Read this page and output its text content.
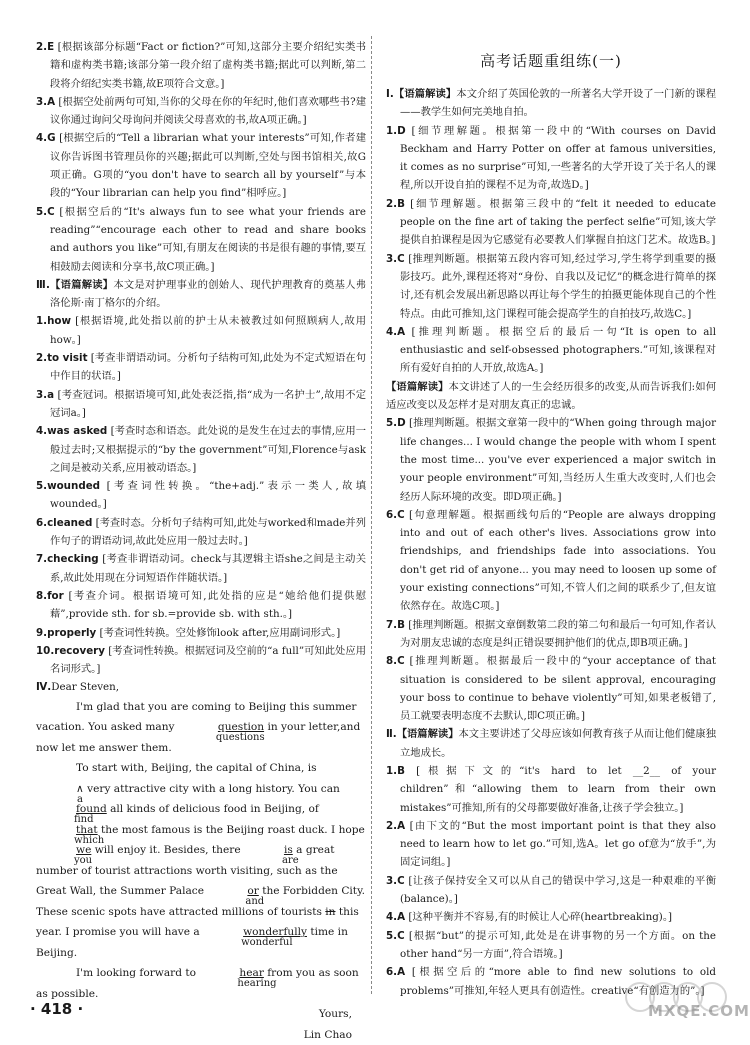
2.E [根据该部分标题“Fact or fiction?”可知,这部分主要介绍纪实类书籍和虚构类书籍;该部分第一段介绍了虚构类书籍;据此可以判断,第二段将介绍纪实类书籍,故E项符合文意。]

3.A [根据空处前两句可知,当你的父母在你的年纪时,他们喜欢哪些书?建议你通过询问父母询问并阅读父母喜欢的书,故A项正确。]

4.G [根据空后的“Tell a librarian what your interests”可知,作者建议你告诉图书管理员你的兴趣;据此可以判断,空处与图书馆相关,故G项正确。G项的“you don't have to search all by yourself”与本段的“Your librarian can help you find”相呼应。]

5.C [根据空后的“It's always fun to see what your friends are reading”“encourage each other to read and share books and authors you like”可知,有朋友在阅读的书是很有趣的事情,要互相鼓励去阅读和分享书,故C项正确。]

Ⅲ.【语篇解读】本文是对护理事业的创始人、现代护理教育的奠基人弗洛伦斯·南丁格尔的介绍。

1.how [根据语境,此处指以前的护士从未被教过如何照顾病人,故用how。]

2.to visit [考查非谓语动词。分析句子结构可知,此处为不定式短语在句中作目的状语。]

3.a [考查冠词。根据语境可知,此处表泛指,指“成为一名护士”,故用不定冠词a。]

4.was asked [考查时态和语态。此处说的是发生在过去的事情,应用一般过去时;又根据提示的“by the government”可知,Florence与ask之间是被动关系,应用被动语态。]

5.wounded [考查词性转换。“the+adj.”表示一类人,故填wounded。]

6.cleaned [考查时态。分析句子结构可知,此处与worked和made并列作句子的谓语动词,故此处应用一般过去时。]

7.checking [考查非谓语动词。check与其逻辑主语she之间是主动关系,故此处用现在分词短语作伴随状语。]

8.for [考查介词。根据语境可知,此处指的应是“她给他们提供慰藉”,provide sth. for sb.=provide sb. with sth.。]

9.properly [考查词性转换。空处修饰look after,应用副词形式。]

10.recovery [考查词性转换。根据冠词及空前的“a full”可知此处应用名词形式。]

Ⅳ.Dear Steven,

I'm glad that you are coming to Beijing this summer vacation. You asked many	question
questions
in your letter,and now let me answer them.

To start with, Beijing, the capital of China, is ∧
a
very attractive city with a long history. You can found
find
all kinds of delicious food in Beijing, of that
which
the most famous is the Beijing roast duck. I hope we
you
will enjoy it. Besides, there	is
are
a great number of tourist attractions worth visiting, such as the Great Wall, the Summer Palace	or
and
the Forbidden City. These scenic spots have attracted millions of tourists in this year. I promise you will have a	wonderfully
wonderful
time in Beijing.

I'm looking forward to	hear
hearing
from you as soon as possible.

Yours,

Lin Chao

高考话题重组练(一)

Ⅰ.【语篇解读】本文介绍了英国伦敦的一所著名大学开设了一门新的课程——教学生如何完美地自拍。

1.D [细节理解题。根据第一段中的“With courses on David Beckham and Harry Potter on offer at famous universities, it comes as no surprise”可知,一些著名的大学开设了关于名人的课程,所以开设自拍的课程不足为奇,故选D。]

2.B [细节理解题。根据第三段中的“felt it needed to educate people on the fine art of taking the perfect selfie”可知,该大学提供自拍课程是因为它感觉有必要教人们掌握自拍这门艺术。故选B。]

3.C [推理判断题。根据第五段内容可知,经过学习,学生将学到重要的摄影技巧。此外,课程还将对“身份、自我以及记忆”的概念进行简单的探讨,还有机会发展出新思路以再让每个学生的拍摄更能体现自己的个性特点。由此可推知,这门课程可能会提高学生的自拍技巧,故选C。]

4.A [推理判断题。根据空后的最后一句“It is open to all enthusiastic and self-obsessed photographers.”可知,该课程对所有爱好自拍的人开放,故选A。]

【语篇解读】本文讲述了人的一生会经历很多的改变,从而告诉我们:如何适应改变以及怎样才是对朋友真正的忠诚。

5.D [推理判断题。根据文章第一段中的“When going through major life changes... I would change the people with whom I spent the most time... you've ever experienced a major switch in your people environment”可知,当经历人生重大改变时,人们也会经历人际环境的改变。即D项正确。]

6.C [句意理解题。根据画线句后的“People are always dropping into and out of each other's lives. Associations grow into friendships, and friendships fade into associations. You don't get rid of anyone... you may need to loosen up some of your existing connections”可知,不管人们之间的联系少了,但友谊依然存在。故选C项。]

7.B [推理判断题。根据文章倒数第二段的第二句和最后一句可知,作者认为对朋友忠诚的态度是纠正错误要拥护他们的优点,即B项正确。]

8.C [推理判断题。根据最后一段中的“your acceptance of that situation is considered to be silent approval, encouraging your boss to continue to behave violently”可知,如果老板错了,员工就要表明态度不去默认,即C项正确。]

Ⅱ.【语篇解读】本文主要讲述了父母应该如何教育孩子从而让他们健康独立地成长。

1.B [根据下文的“it's hard to let __2__ of your children”和“allowing them to learn from their own mistakes”可推知,所有的父母都要做好准备,让孩子学会独立。]

2.A [由下文的“But the most important point is that they also need to learn how to let go.”可知,选A。let go of意为“放手”,为固定词组。]

3.C [让孩子保持安全又可以从自己的错误中学习,这是一种艰难的平衡(balance)。]

4.A [这种平衡并不容易,有的时候让人心碎(heartbreaking)。]

5.C [根据“but”的提示可知,此处是在讲事物的另一个方面。on the other hand“另一方面”,符合语境。]

6.A [根据空后的“more able to find new solutions to old problems”可推知,年轻人更具有创造性。creative“有创造力的”。]

· 418 ·	MXQE.COM
